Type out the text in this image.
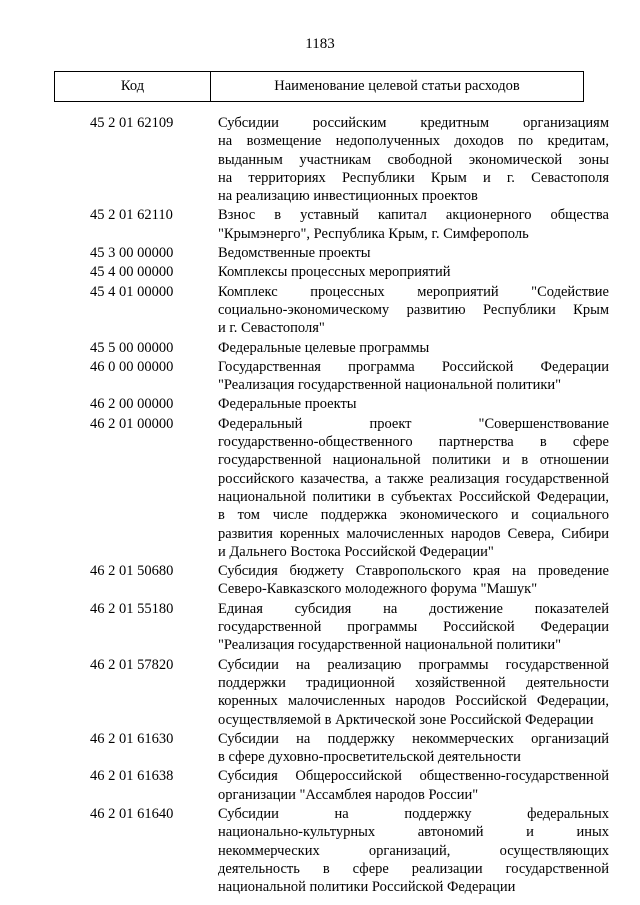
1183
Код	Наименование целевой статьи расходов
45 2 01 62109	Субсидии российским кредитным организациям
на возмещение недополученных доходов по кредитам,
выданным участникам свободной экономической зоны
на территориях Республики Крым и г. Севастополя
на реализацию инвестиционных проектов
45 2 01 62110	Взнос в уставный капитал акционерного общества
"Крымэнерго", Республика Крым, г. Симферополь
45 3 00 00000	Ведомственные проекты
45 4 00 00000	Комплексы процессных мероприятий
45 4 01 00000	Комплекс процессных мероприятий "Содействие
социально-экономическому развитию Республики Крым
и г. Севастополя"
45 5 00 00000	Федеральные целевые программы
46 0 00 00000	Государственная программа Российской Федерации
"Реализация государственной национальной политики"
46 2 00 00000	Федеральные проекты
46 2 01 00000	Федеральный проект "Совершенствование
государственно-общественного партнерства в сфере
государственной национальной политики и в отношении
российского казачества, а также реализация государственной
национальной политики в субъектах Российской Федерации,
в том числе поддержка экономического и социального
развития коренных малочисленных народов Севера, Сибири
и Дальнего Востока Российской Федерации"
46 2 01 50680	Субсидия бюджету Ставропольского края на проведение
Северо-Кавказского молодежного форума "Машук"
46 2 01 55180	Единая субсидия на достижение показателей
государственной программы Российской Федерации
"Реализация государственной национальной политики"
46 2 01 57820	Субсидии на реализацию программы государственной
поддержки традиционной хозяйственной деятельности
коренных малочисленных народов Российской Федерации,
осуществляемой в Арктической зоне Российской Федерации
46 2 01 61630	Субсидии на поддержку некоммерческих организаций
в сфере духовно-просветительской деятельности
46 2 01 61638	Субсидия Общероссийской общественно-государственной
организации "Ассамблея народов России"
46 2 01 61640	Субсидии на поддержку федеральных
национально-культурных автономий и иных
некоммерческих организаций, осуществляющих
деятельность в сфере реализации государственной
национальной политики Российской Федерации
